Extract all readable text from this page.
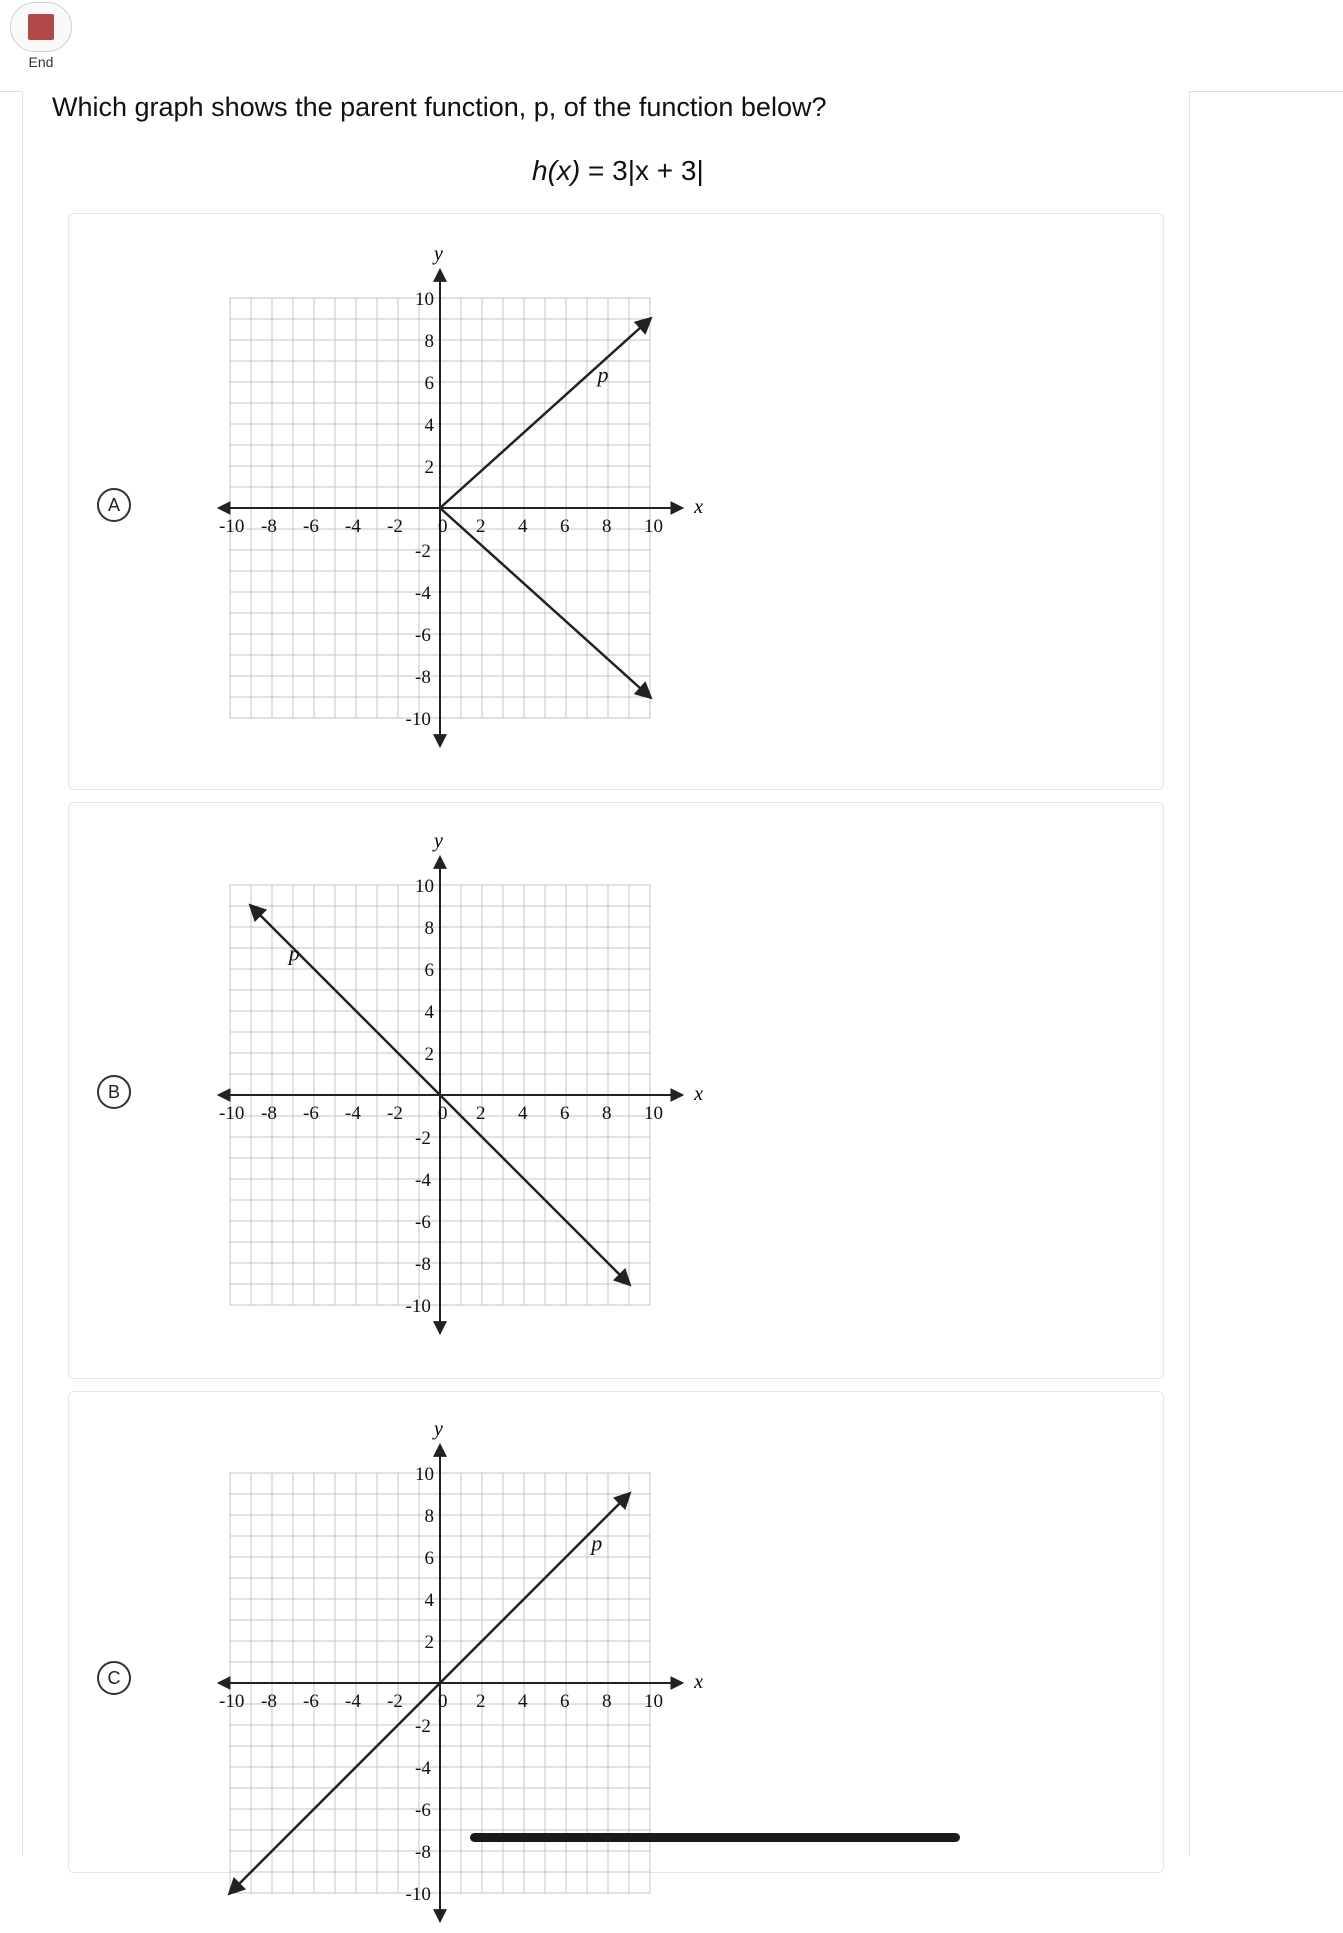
End

Which graph shows the parent function, p, of the function below?

h(x) = 3|x + 3|
A	x
y
-10 -8 -6 -4 -2 0 2 4 6 8 10
10
8
6
4
2
-2
-4
-6
-8
-10
p
B	x
y
-10 -8 -6 -4 -2 0 2 4 6 8 10
10
8
6
4
2
-2
-4
-6
-8
-10
p
C	x
y
-10 -8 -6 -4 -2 0 2 4 6 8 10
10
8
6
4
2
-2
-4
-6
-8
-10
p
